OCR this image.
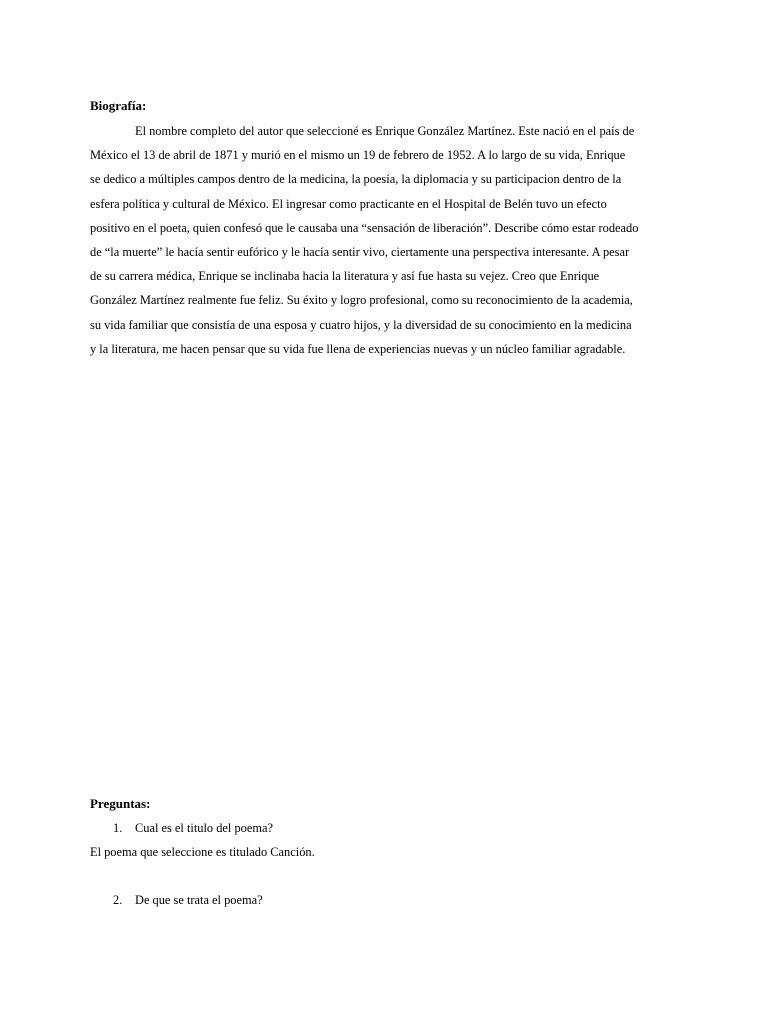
Biografía:

El nombre completo del autor que seleccioné es Enrique González Martínez. Este nació en el país de
México el 13 de abril de 1871 y murió en el mismo un 19 de febrero de 1952. A lo largo de su vida, Enrique
se dedico a múltiples campos dentro de la medicina, la poesía, la diplomacia y su participacion dentro de la
esfera política y cultural de México. El ingresar como practicante en el Hospital de Belén tuvo un efecto
positivo en el poeta, quien confesó que le causaba una “sensación de liberación”. Describe cómo estar rodeado
de “la muerte” le hacía sentir eufórico y le hacía sentir vivo, ciertamente una perspectiva interesante. A pesar
de su carrera médica, Enrique se inclinaba hacia la literatura y así fue hasta su vejez. Creo que Enrique
González Martínez realmente fue feliz. Su éxito y logro profesional, como su reconocimiento de la academia,
su vida familiar que consistía de una esposa y cuatro hijos, y la diversidad de su conocimiento en la medicina
y la literatura, me hacen pensar que su vida fue llena de experiencias nuevas y un núcleo familiar agradable.

Preguntas:

1. Cual es el titulo del poema?

El poema que seleccione es titulado Canción.

2. De que se trata el poema?
